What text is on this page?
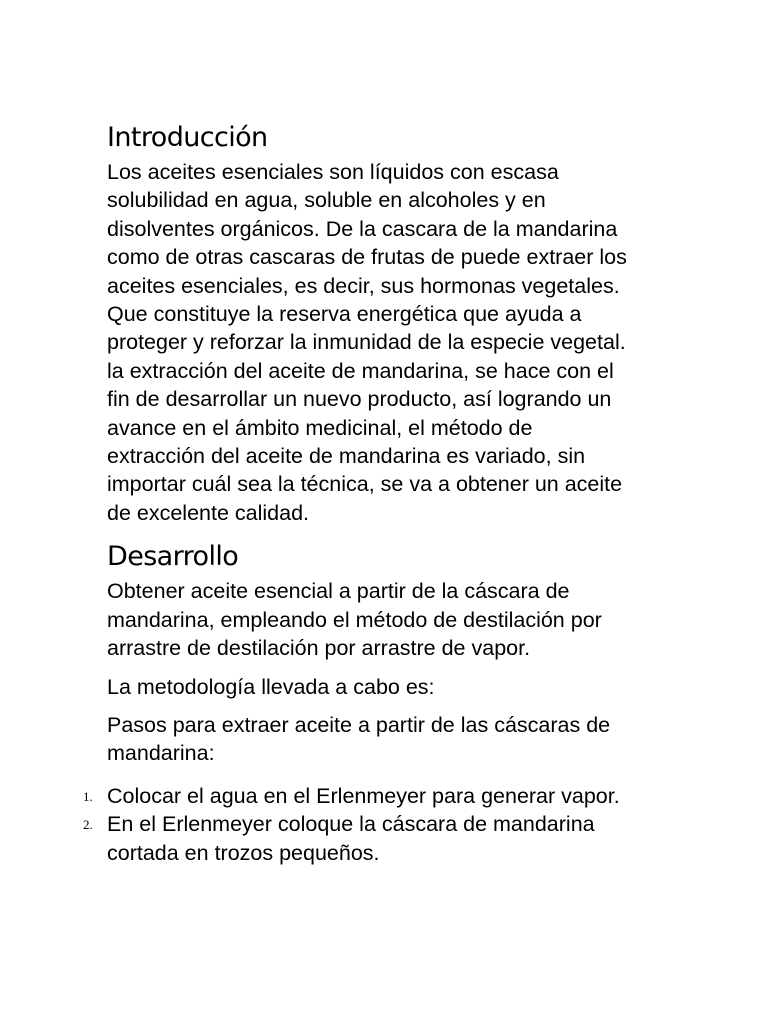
Introducción
Los aceites esenciales son líquidos con escasa
solubilidad en agua, soluble en alcoholes y en
disolventes orgánicos. De la cascara de la mandarina
como de otras cascaras de frutas de puede extraer los
aceites esenciales, es decir, sus hormonas vegetales.
Que constituye la reserva energética que ayuda a
proteger y reforzar la inmunidad de la especie vegetal.
la extracción del aceite de mandarina, se hace con el
fin de desarrollar un nuevo producto, así logrando un
avance en el ámbito medicinal, el método de
extracción del aceite de mandarina es variado, sin
importar cuál sea la técnica, se va a obtener un aceite
de excelente calidad.
Desarrollo
Obtener aceite esencial a partir de la cáscara de
mandarina, empleando el método de destilación por
arrastre de destilación por arrastre de vapor.
La metodología llevada a cabo es:
Pasos para extraer aceite a partir de las cáscaras de
mandarina:
1. Colocar el agua en el Erlenmeyer para generar vapor.
2. En el Erlenmeyer coloque la cáscara de mandarina
cortada en trozos pequeños.
